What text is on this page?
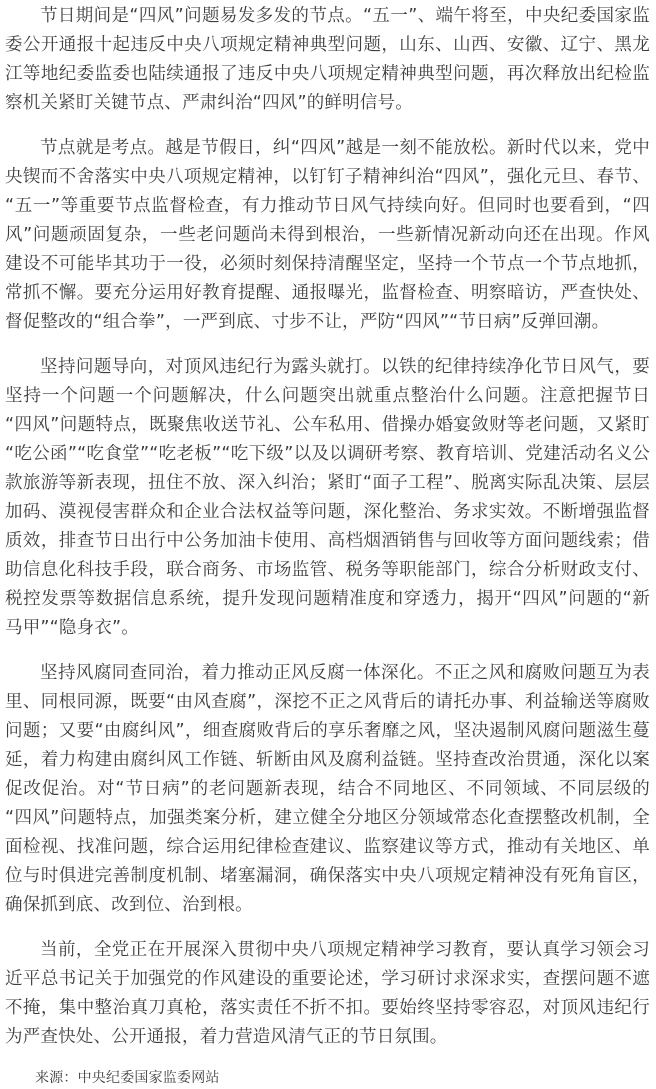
节日期间是“四风”问题易发多发的节点。“五一”、端午将至，中央纪委国家监委公开通报十起违反中央八项规定精神典型问题，山东、山西、安徽、辽宁、黑龙江等地纪委监委也陆续通报了违反中央八项规定精神典型问题，再次释放出纪检监察机关紧盯关键节点、严肃纠治“四风”的鲜明信号。

节点就是考点。越是节假日，纠“四风”越是一刻不能放松。新时代以来，党中央锲而不舍落实中央八项规定精神，以钉钉子精神纠治“四风”，强化元旦、春节、“五一”等重要节点监督检查，有力推动节日风气持续向好。但同时也要看到，“四风”问题顽固复杂，一些老问题尚未得到根治，一些新情况新动向还在出现。作风建设不可能毕其功于一役，必须时刻保持清醒坚定，坚持一个节点一个节点地抓，常抓不懈。要充分运用好教育提醒、通报曝光，监督检查、明察暗访，严查快处、督促整改的“组合拳”，一严到底、寸步不让，严防“四风”“节日病”反弹回潮。

坚持问题导向，对顶风违纪行为露头就打。以铁的纪律持续净化节日风气，要坚持一个问题一个问题解决，什么问题突出就重点整治什么问题。注意把握节日“四风”问题特点，既聚焦收送节礼、公车私用、借操办婚宴敛财等老问题，又紧盯“吃公函”“吃食堂”“吃老板”“吃下级”以及以调研考察、教育培训、党建活动名义公款旅游等新表现，扭住不放、深入纠治；紧盯“面子工程”、脱离实际乱决策、层层加码、漠视侵害群众和企业合法权益等问题，深化整治、务求实效。不断增强监督质效，排查节日出行中公务加油卡使用、高档烟酒销售与回收等方面问题线索；借助信息化科技手段，联合商务、市场监管、税务等职能部门，综合分析财政支付、税控发票等数据信息系统，提升发现问题精准度和穿透力，揭开“四风”问题的“新马甲”“隐身衣”。

坚持风腐同查同治，着力推动正风反腐一体深化。不正之风和腐败问题互为表里、同根同源，既要“由风查腐”，深挖不正之风背后的请托办事、利益输送等腐败问题；又要“由腐纠风”，细查腐败背后的享乐奢靡之风，坚决遏制风腐问题滋生蔓延，着力构建由腐纠风工作链、斩断由风及腐利益链。坚持查改治贯通，深化以案促改促治。对“节日病”的老问题新表现，结合不同地区、不同领域、不同层级的“四风”问题特点，加强类案分析，建立健全分地区分领域常态化查摆整改机制，全面检视、找准问题，综合运用纪律检查建议、监察建议等方式，推动有关地区、单位与时俱进完善制度机制、堵塞漏洞，确保落实中央八项规定精神没有死角盲区，确保抓到底、改到位、治到根。

当前，全党正在开展深入贯彻中央八项规定精神学习教育，要认真学习领会习近平总书记关于加强党的作风建设的重要论述，学习研讨求深求实，查摆问题不遮不掩，集中整治真刀真枪，落实责任不折不扣。要始终坚持零容忍，对顶风违纪行为严查快处、公开通报，着力营造风清气正的节日氛围。

来源：中央纪委国家监委网站
